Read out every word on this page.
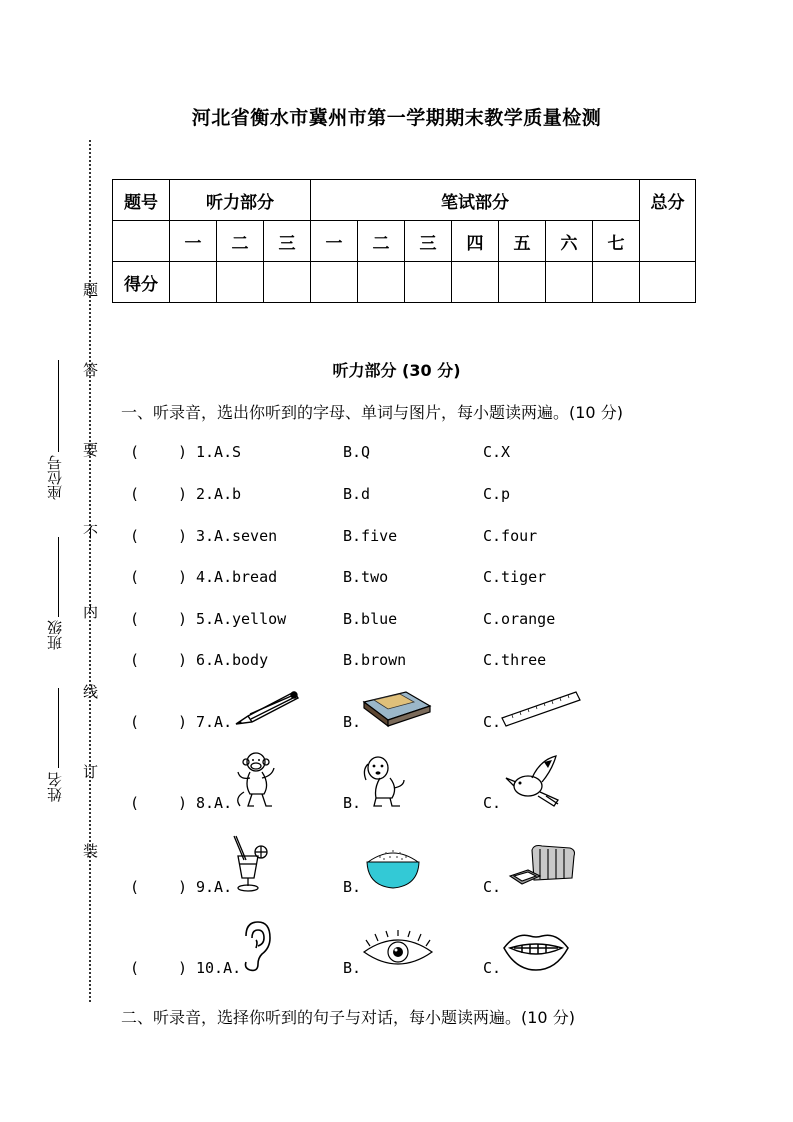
河北省衡水市冀州市第一学期期末教学质量检测
题
答
要
不
内
线
订
装
座位号
班级
姓名
题号	听力部分			笔试部分							总分
	一	二	三	一	二	三	四	五	六	七	
得分											
听力部分 (30 分)
一、听录音，选出你听到的字母、单词与图片，每小题读两遍。(10 分)
(	) 1.A. S	B.Q	C.X
(	) 2.A. b	B.d	C.p
(	) 3.A. seven	B.five	C.four
(	) 4.A. bread	B.two	C.tiger
(	) 5.A. yellow	B.blue	C.orange
(	) 6.A. body	B.brown	C.three
(	) 7.A.	B.	C.
(	) 8.A.	B.	C.
(	) 9.A.	B.	C.
(	) 10.A.	B.	C.
二、听录音，选择你听到的句子与对话，每小题读两遍。(10 分)
